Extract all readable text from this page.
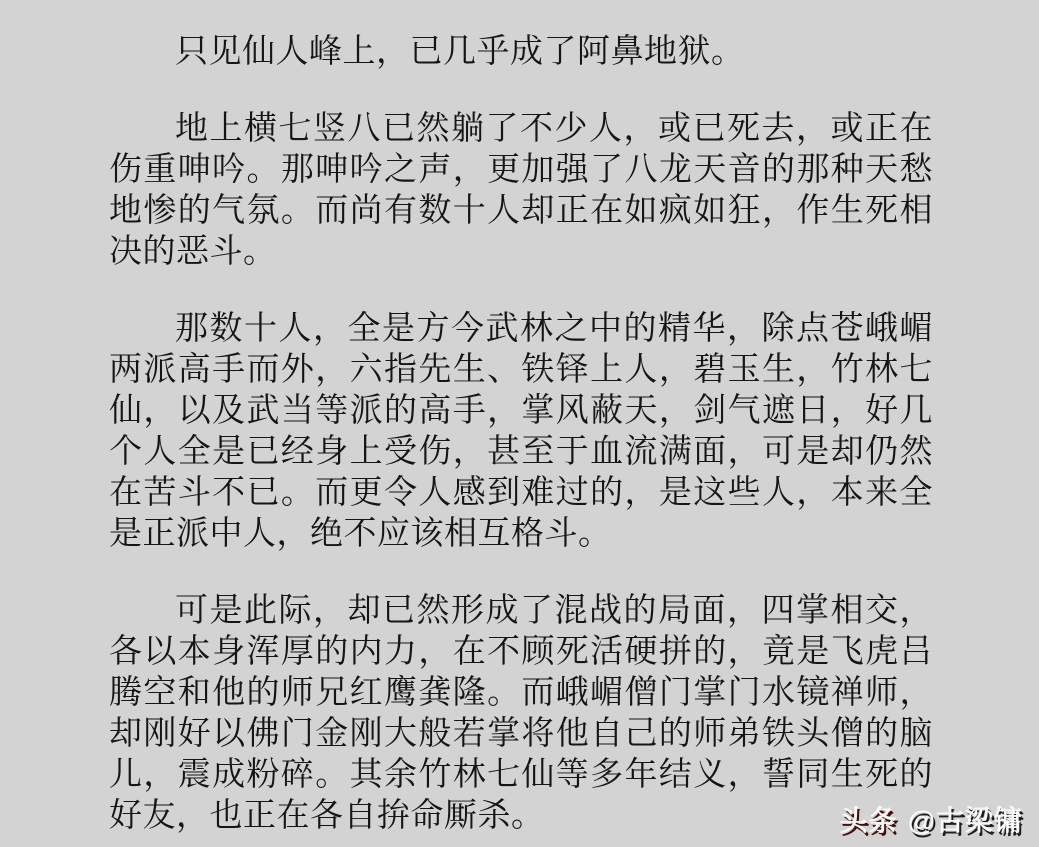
只见仙人峰上，已几乎成了阿鼻地狱。

地上横七竖八已然躺了不少人，或已死去，或正在伤重呻吟。那呻吟之声，更加强了八龙天音的那种天愁地惨的气氛。而尚有数十人却正在如疯如狂，作生死相决的恶斗。

那数十人，全是方今武林之中的精华，除点苍峨嵋两派高手而外，六指先生、铁铎上人，碧玉生，竹林七仙，以及武当等派的高手，掌风蔽天，剑气遮日，好几个人全是已经身上受伤，甚至于血流满面，可是却仍然在苦斗不已。而更令人感到难过的，是这些人，本来全是正派中人，绝不应该相互格斗。

可是此际，却已然形成了混战的局面，四掌相交，各以本身浑厚的内力，在不顾死活硬拼的，竟是飞虎吕腾空和他的师兄红鹰龚隆。而峨嵋僧门掌门水镜禅师，却刚好以佛门金刚大般若掌将他自己的师弟铁头僧的脑儿，震成粉碎。其余竹林七仙等多年结义，誓同生死的好友，也正在各自拚命厮杀。	头条 @古梁镛
